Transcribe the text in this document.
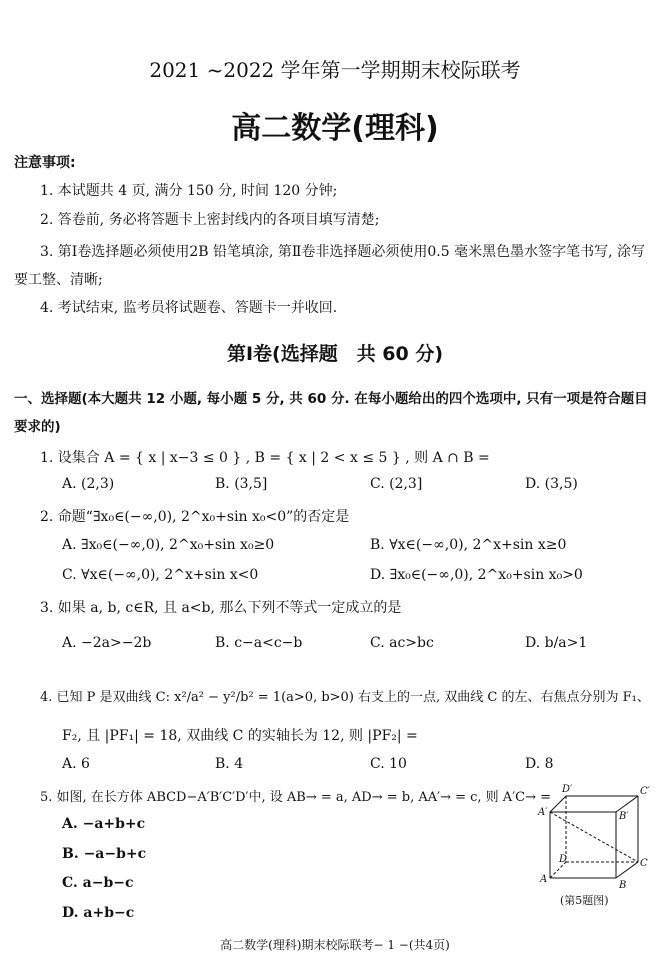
2021 ~2022 学年第一学期期末校际联考
高二数学(理科)
注意事项:
1. 本试题共 4 页, 满分 150 分, 时间 120 分钟;
2. 答卷前, 务必将答题卡上密封线内的各项目填写清楚;
3. 第Ⅰ卷选择题必须使用2B 铅笔填涂, 第Ⅱ卷非选择题必须使用0.5 毫米黑色墨水签字笔书写, 涂写要工整、清晰;
4. 考试结束, 监考员将试题卷、答题卡一并收回.
第Ⅰ卷(选择题　共 60 分)
一、选择题(本大题共 12 小题, 每小题 5 分, 共 60 分. 在每小题给出的四个选项中, 只有一项是符合题目要求的)
1. 设集合 A = { x | x−3 ≤ 0 } , B = { x | 2 < x ≤ 5 } , 则 A ∩ B =
A. (2,3)	B. (3,5]	C. (2,3]	D. (3,5)
2. 命题“∃x₀∈(−∞,0), 2^x₀+sin x₀<0”的否定是
A. ∃x₀∈(−∞,0), 2^x₀+sin x₀≥0	B. ∀x∈(−∞,0), 2^x+sin x≥0
C. ∀x∈(−∞,0), 2^x+sin x<0	D. ∃x₀∈(−∞,0), 2^x₀+sin x₀>0
3. 如果 a, b, c∈R, 且 a<b, 那么下列不等式一定成立的是
A. −2a>−2b	B. c−a<c−b	C. ac>bc	D. b/a>1
4. 已知 P 是双曲线 C: x²/a² − y²/b² = 1(a>0, b>0) 右支上的一点, 双曲线 C 的左、右焦点分别为 F₁、
F₂, 且 |PF₁| = 18, 双曲线 C 的实轴长为 12, 则 |PF₂| =
A. 6	B. 4	C. 10	D. 8
5. 如图, 在长方体 ABCD−A′B′C′D′中, 设 AB→ = a, AD→ = b, AA′→ = c, 则 A′C→ =
A. −a+b+c
B. −a−b+c
C. a−b−c
D. a+b−c
D′	C′
A′	B′
D	C
A
B
(第5题图)
高二数学(理科)期末校际联考− 1 −(共4页)
